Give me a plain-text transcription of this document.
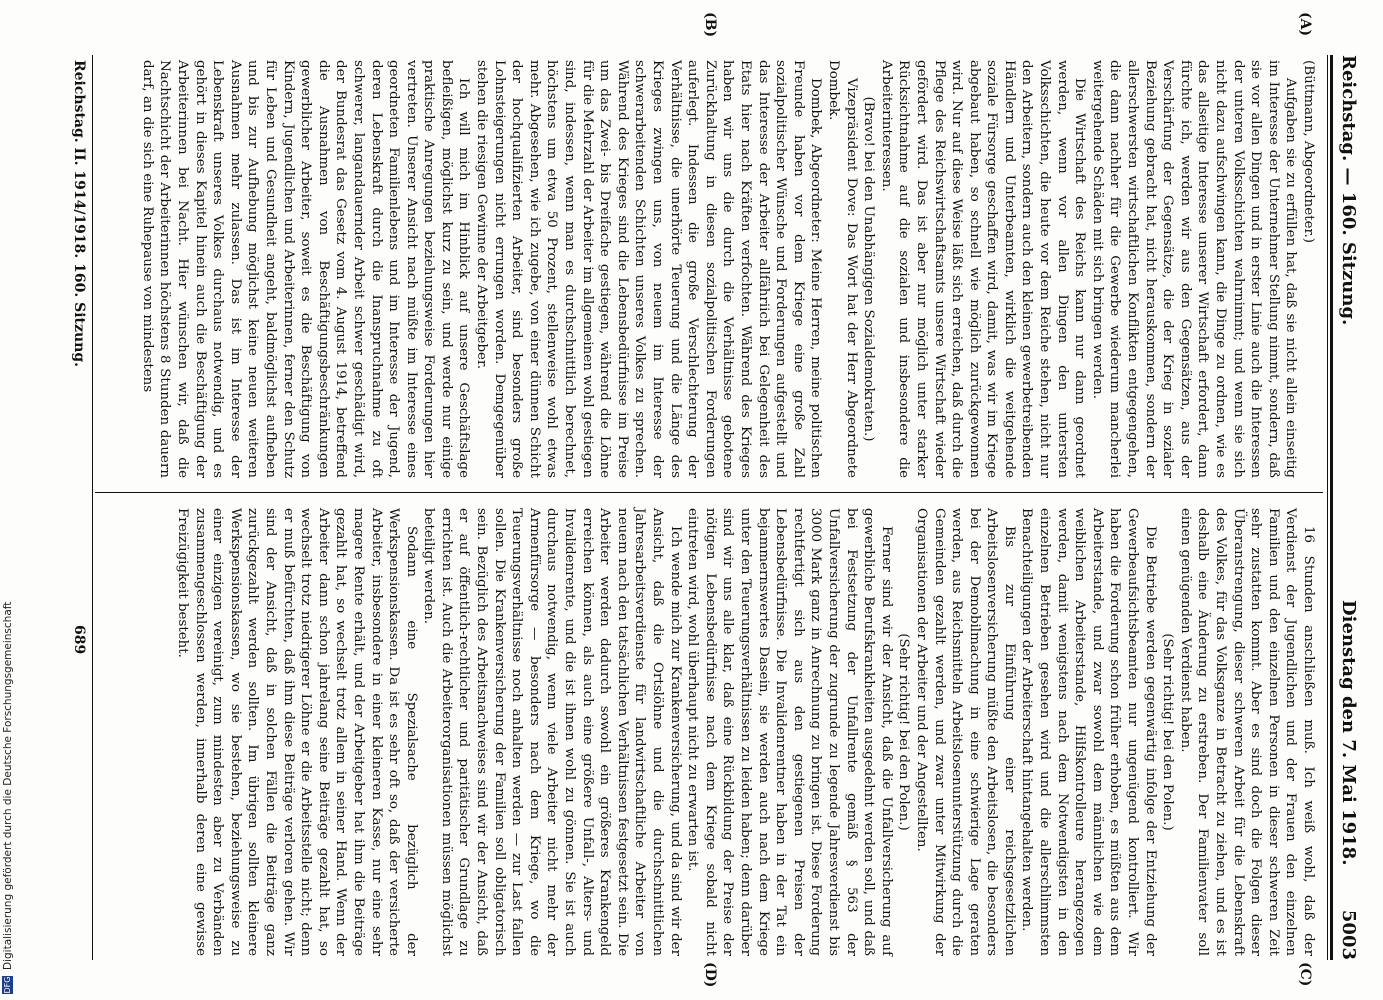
Reichstag. — 160. Sitzung.
Dienstag den 7. Mai 1918.
5003
(A)
(B)
(C)
(D)

(Büttmann, Abgeordneter.)

Aufgaben sie zu erfüllen hat, daß sie nicht allein einseitig im Interesse der Unternehmer Stellung nimmt, sondern, daß sie vor allen Dingen und in erster Linie auch die Interessen der unteren Volksschichten wahrnimmt; und wenn sie sich nicht dazu aufschwingen kann, die Dinge zu ordnen, wie es das allseitige Interesse unserer Wirtschaft erfordert, dann fürchte ich, werden wir aus den Gegensätzen, aus der Verschärfung der Gegensätze, die der Krieg in sozialer Beziehung gebracht hat, nicht herauskommen, sondern der allerschwersten wirtschaftlichen Konflikten entgegengehen, die dann nachher für die Gewerbe wiederum mancherlei weitergehende Schäden mit sich bringen werden.

Die Wirtschaft des Reichs kann nur dann geordnet werden, wenn vor allen Dingen den untersten Volksschichten, die heute vor dem Reiche stehen, nicht nur den Arbeitern, sondern auch den kleinen gewerbetreibenden Händlern und Unterbeamten, wirklich die weitgehende soziale Fürsorge geschaffen wird, damit, was wir im Kriege abgebaut haben, so schnell wie möglich zurückgewonnen wird. Nur auf diese Weise läßt sich erreichen, daß durch die Pflege des Reichswirtschaftsamts unsere Wirtschaft wieder gefördert wird. Das ist aber nur möglich unter starker Rücksichtnahme auf die sozialen und insbesondere die Arbeiterinteressen.

(Bravo! bei den Unabhängigen Sozialdemokraten.)

Vizepräsident Dove: Das Wort hat der Herr Abgeordnete Dombek.

Dombek, Abgeordneter: Meine Herren, meine politischen Freunde haben vor dem Kriege eine große Zahl sozialpolitischer Wünsche und Forderungen aufgestellt und das Interesse der Arbeiter allfähriich bei Gelegenheit des Etats hier nach Kräften verfochten. Während des Krieges haben wir uns die durch die Verhältnisse gebotene Zurückhaltung in diesen sozialpolitischen Forderungen auferlegt. Indessen die große Verschlechterung der Verhältnisse, die unerhörte Teuerung und die Länge des Krieges zwingen uns, von neuem im Interesse der schwerarbeitenden Schichten unseres Volkes zu sprechen. Während des Krieges sind die Lebensbedürfnisse im Preise um das Zwei- bis Dreifache gestiegen, während die Löhne für die Mehrzahl der Arbeiter im allgemeinen wohl gestiegen sind, indessen, wenn man es durchschnittlich berechnet, höchstens um etwa 50 Prozent, stellenweise wohl etwas mehr. Abgesehen, wie ich zugebe, von einer dünnen Schicht der hochqualifizierten Arbeiter, sind besonders große Lohnsteigerungen nicht errungen worden. Demgegenüber stehen die riesigen Gewinne der Arbeitgeber.

Ich will mich im Hinblick auf unsere Geschäftslage befleißigen, möglichst kurz zu sein, und werde nur einige praktische Anregungen beziehungsweise Forderungen hier vertreten. Unserer Ansicht nach müßte im Interesse eines geordneten Familienlebens und im Interesse der Jugend, deren Lebenskraft durch die Inanspruchnahme zu oft schwerer, langandauernder Arbeit schwer geschädigt wird, der Bundesrat das Gesetz vom 4. August 1914, betreffend die Ausnahmen von Beschäftigungsbeschränkungen gewerblicher Arbeiter, soweit es die Beschäftigung von Kindern, Jugendlichen und Arbeiterinnen, ferner den Schutz für Leben und Gesundheit angeht, baldmöglichst aufheben und bis zur Aufhebung möglichst keine neuen weiteren Ausnahmen mehr zulassen. Das ist im Interesse der Lebenskraft unseres Volkes durchaus notwendig, und es gehört in dieses Kapitel hinein auch die Beschäftigung der Arbeiterinnen bei Nacht. Hier wünschen wir, daß die Nachtschicht der Arbeiterinnen höchstens 8 Stunden dauern darf, an die sich eine Ruhepause von mindestens

16 Stunden anschließen muß. Ich weiß wohl, daß der Verdienst der Jugendlichen und der Frauen den einzelnen Familien und den einzelnen Personen in dieser schweren Zeit sehr zustatten kommt. Aber es sind doch die Folgen dieser Überanstrengung, dieser schweren Arbeit für die Lebenskraft des Volkes, für das Volksganze in Betracht zu ziehen, und es ist deshalb eine Änderung zu erstreben. Der Familienvater soll einen genügenden Verdienst haben.

(Sehr richtig! bei den Polen.)

Die Betriebe werden gegenwärtig infolge der Entziehung der Gewerbeaufsichtsbeamten nur ungenügend kontrolliert. Wir haben die Forderung schon früher erhoben, es müßten aus dem Arbeiterstande, und zwar sowohl dem männlichen wie dem weiblichen Arbeiterstande, Hilfskontrolleure herangezogen werden, damit wenigstens nach dem Notwendigsten in den einzelnen Betrieben gesehen wird und die allerschlimmsten Benachteiligungen der Arbeiterschaft hintangehalten werden.

Bis zur Einführung einer reichsgesetzlichen Arbeitslosenversicherung müßte den Arbeitslosen, die besonders bei der Demobilmachung in eine schwierige Lage geraten werden, aus Reichsmitteln Arbeitslosenunterstützung durch die Gemeinden gezahlt werden, und zwar unter Mitwirkung der Organisationen der Arbeiter und der Angestellten.

(Sehr richtig! bei den Polen.)

Ferner sind wir der Ansicht, daß die Unfallversicherung auf gewerbliche Berufskrankheiten ausgedehnt werden soll, und daß bei Festsetzung der Unfallrente gemäß § 563 der Unfallversicherung der zugrunde zu legende Jahresverdienst bis 3000 Mark ganz in Anrechnung zu bringen ist. Diese Forderung rechtfertigt sich aus den gestiegenen Preisen der Lebensbedürfnisse. Die Invalidenrentner haben in der Tat ein bejammernswertes Dasein, sie werden auch nach dem Kriege unter den Teuerungsverhältnissen zu leiden haben; denn darüber sind wir uns alle klar, daß eine Rückbildung der Preise der nötigen Lebensbedürfnisse nach dem Kriege sobald nicht eintreten wird, wohl überhaupt nicht zu erwarten ist.

Ich wende mich zur Krankenversicherung, und da sind wir der Ansicht, daß die Ortslöhne und die durchschnittlichen Jahresarbeitsverdienste für landwirtschaftliche Arbeiter von neuem nach den tatsächlichen Verhältnissen festgesetzt sein. Die Arbeiter werden dadurch sowohl ein größeres Krankengeld erreichen können, als auch eine größere Unfall-, Alters- und Invalidenrente, und die ist ihnen wohl zu gönnen. Sie ist auch durchaus notwendig, wenn viele Arbeiter nicht mehr der Armenfürsorge — besonders nach dem Kriege, wo die Teuerungsverhältnisse noch anhalten werden — zur Last fallen sollen. Die Krankenversicherung der Familien soll obligatorisch sein. Bezüglich des Arbeitsnachweises sind wir der Ansicht, daß er auf öffentlich-rechtlicher und paritätischer Grundlage zu errichten ist. Auch die Arbeiterorganisationen müssen möglichst beteiligt werden.

Sodann eine Spezialsache bezüglich der Werkspensionskassen. Da ist es sehr oft so, daß der versicherte Arbeiter, insbesondere in einer kleineren Kasse, nur eine sehr magere Rente erhält, und der Arbeitgeber hat ihm die Beiträge gezahlt hat, so wechselt trotz allem in seiner Hand. Wenn der Arbeiter dann schon jahrelang seine Beiträge gezahlt hat, so wechselt trotz niedrigerer Löhne er die Arbeitsstelle nicht; denn er muß befürchten, daß ihm diese Beiträge verloren gehen. Wir sind der Ansicht, daß in solchen Fällen die Beiträge ganz zurückgezahlt werden sollten. Im übrigen sollten kleinere Werkspensionskassen, wo sie bestehen, beziehungsweise zu einer einzigen vereinigt, zum mindesten aber zu Verbänden zusammengeschlossen werden, innerhalb deren eine gewisse Freizügigkeit besteht.

Reichstag. II. 1914/1918. 160. Sitzung.
689
DFG
Digitalisierung gefördert durch die Deutsche Forschungsgemeinschaft
